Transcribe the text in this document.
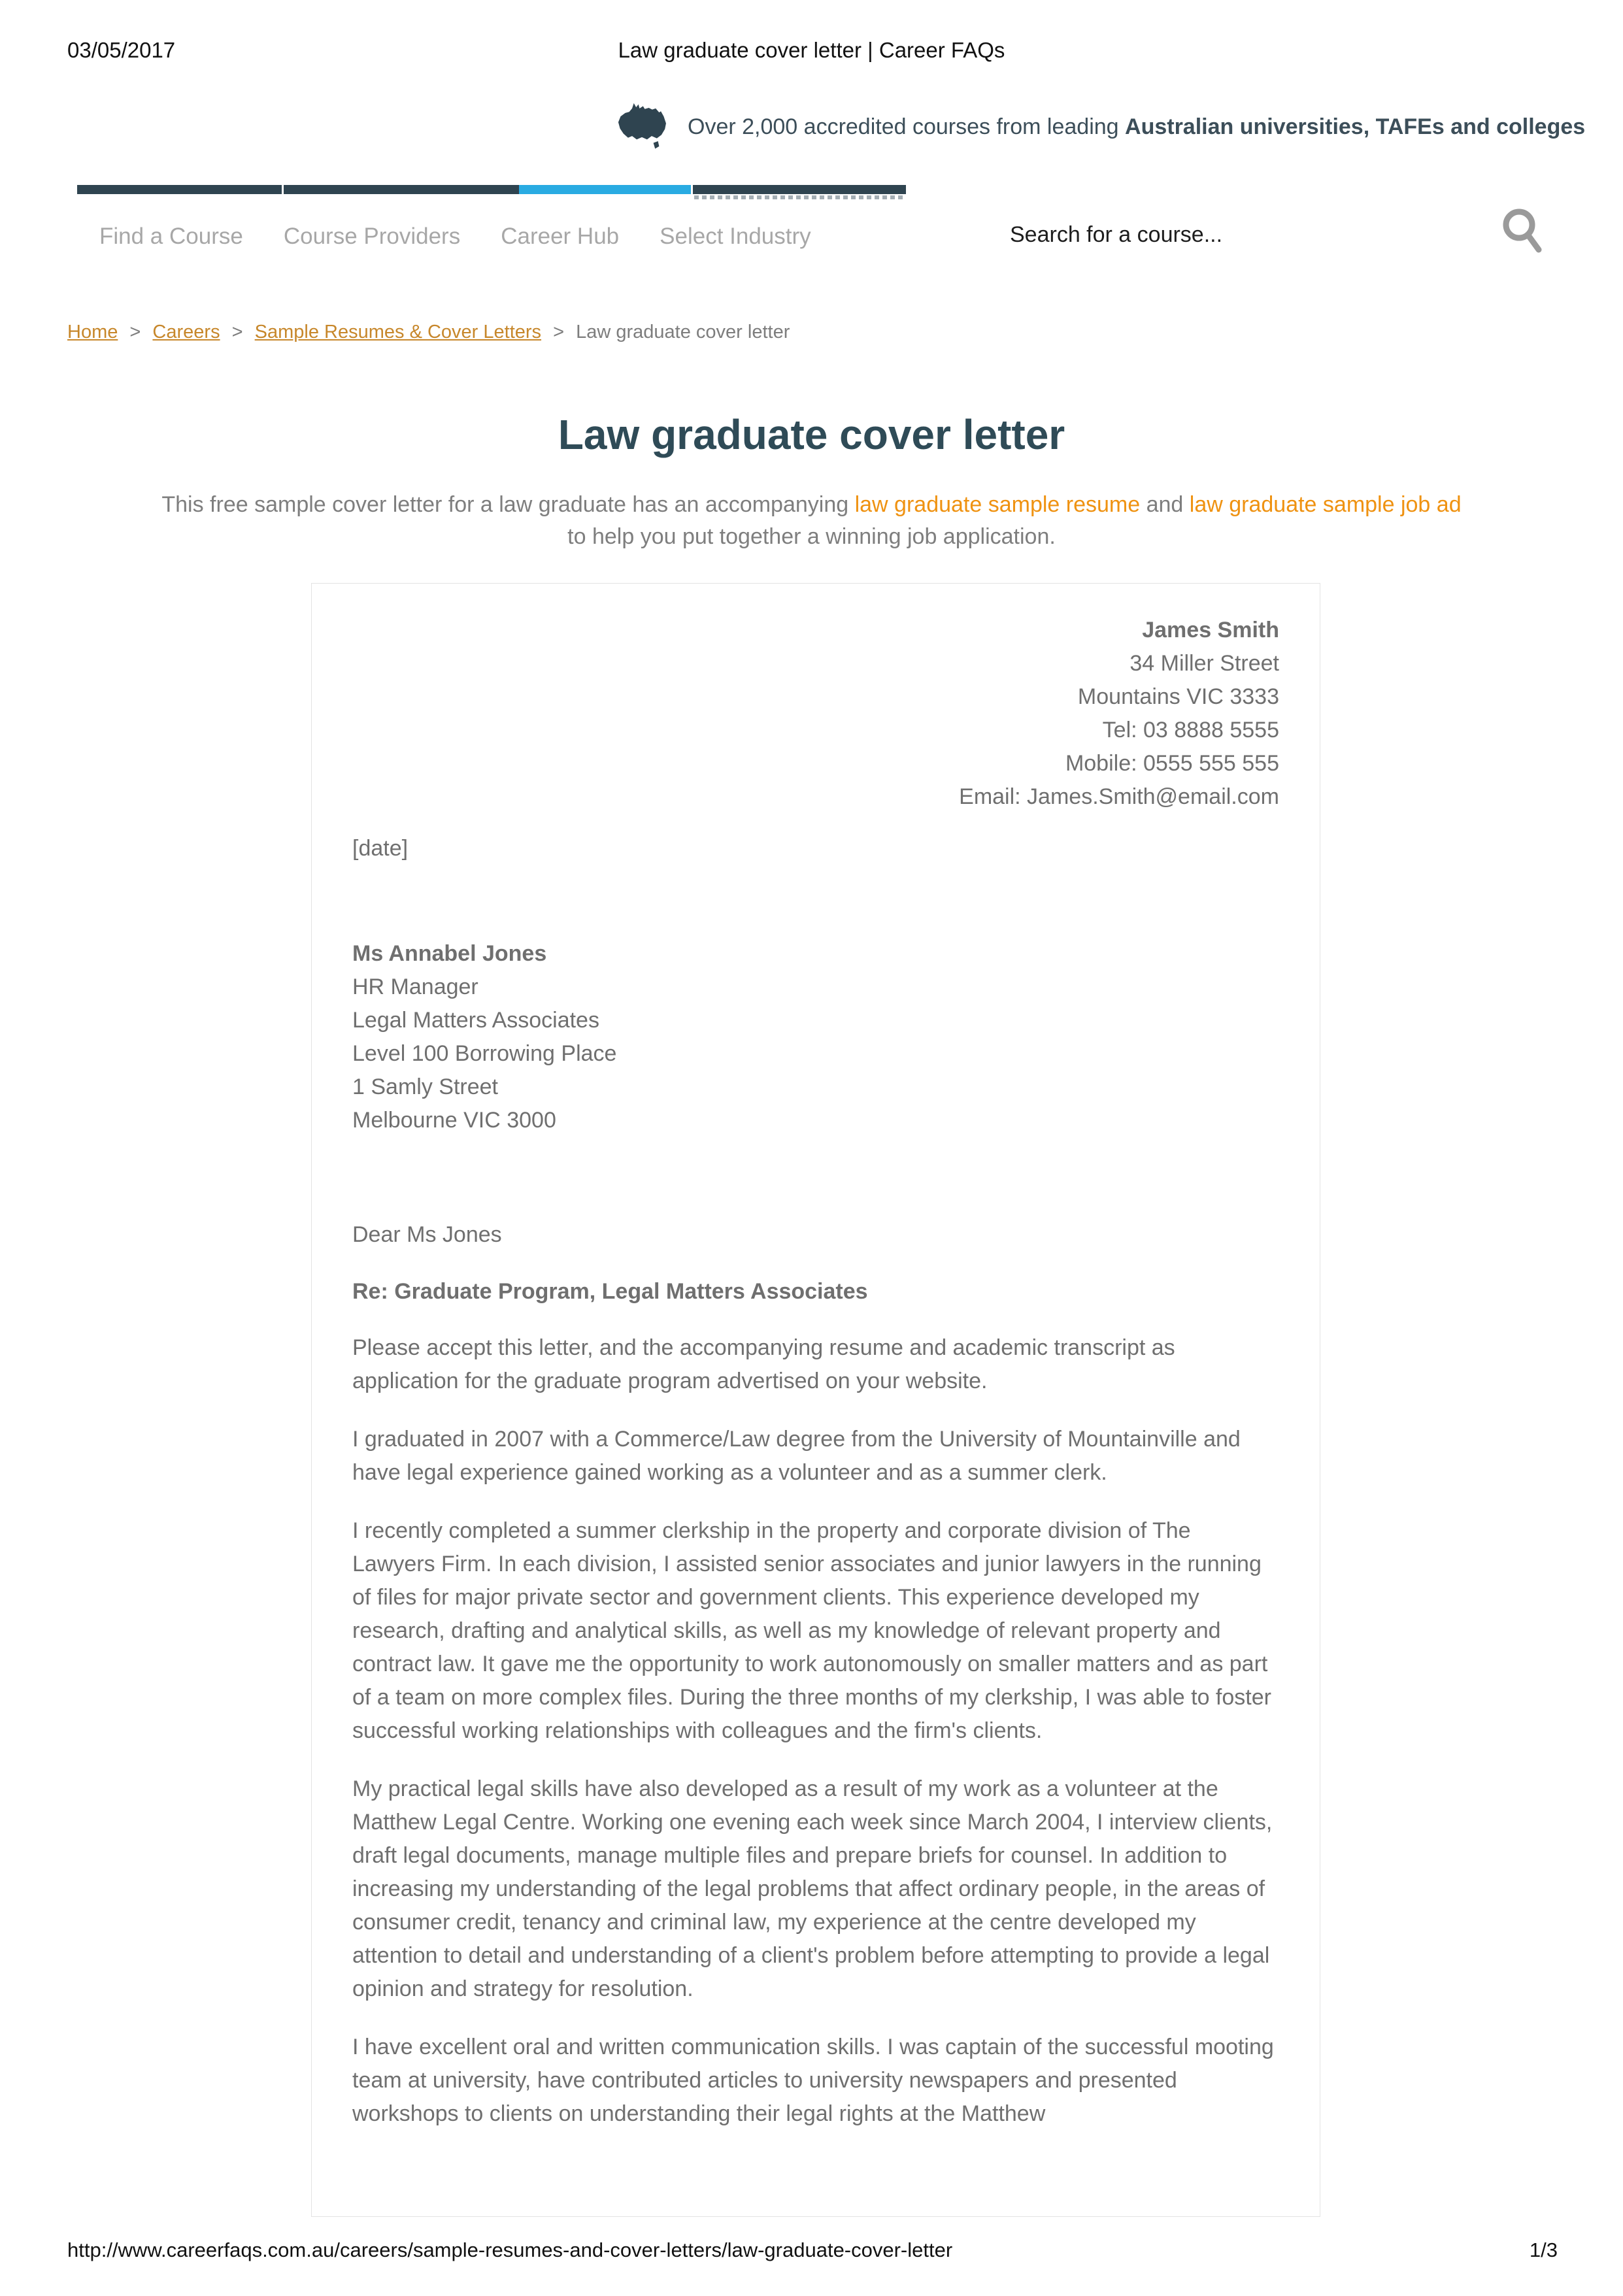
03/05/2017	Law graduate cover letter | Career FAQs
Over 2,000 accredited courses from leading Australian universities, TAFEs and colleges
Find a Course Course Providers Career Hub Select Industry	Search for a course...
Home > Careers > Sample Resumes & Cover Letters > Law graduate cover letter
Law graduate cover letter
This free sample cover letter for a law graduate has an accompanying law graduate sample resume and law graduate sample job ad to help you put together a winning job application.
James Smith
34 Miller Street
Mountains VIC 3333
Tel: 03 8888 5555
Mobile: 0555 555 555
Email: James.Smith@email.com
[date]
Ms Annabel Jones
HR Manager
Legal Matters Associates
Level 100 Borrowing Place
1 Samly Street
Melbourne VIC 3000
Dear Ms Jones
Re: Graduate Program, Legal Matters Associates

Please accept this letter, and the accompanying resume and academic transcript as application for the graduate program advertised on your website.

I graduated in 2007 with a Commerce/Law degree from the University of Mountainville and have legal experience gained working as a volunteer and as a summer clerk.

I recently completed a summer clerkship in the property and corporate division of The Lawyers Firm. In each division, I assisted senior associates and junior lawyers in the running of files for major private sector and government clients. This experience developed my research, drafting and analytical skills, as well as my knowledge of relevant property and contract law. It gave me the opportunity to work autonomously on smaller matters and as part of a team on more complex files. During the three months of my clerkship, I was able to foster successful working relationships with colleagues and the firm's clients.

My practical legal skills have also developed as a result of my work as a volunteer at the Matthew Legal Centre. Working one evening each week since March 2004, I interview clients, draft legal documents, manage multiple files and prepare briefs for counsel. In addition to increasing my understanding of the legal problems that affect ordinary people, in the areas of consumer credit, tenancy and criminal law, my experience at the centre developed my attention to detail and understanding of a client's problem before attempting to provide a legal opinion and strategy for resolution.

I have excellent oral and written communication skills. I was captain of the successful mooting team at university, have contributed articles to university newspapers and presented workshops to clients on understanding their legal rights at the Matthew

http://www.careerfaqs.com.au/careers/sample-resumes-and-cover-letters/law-graduate-cover-letter	1/3
